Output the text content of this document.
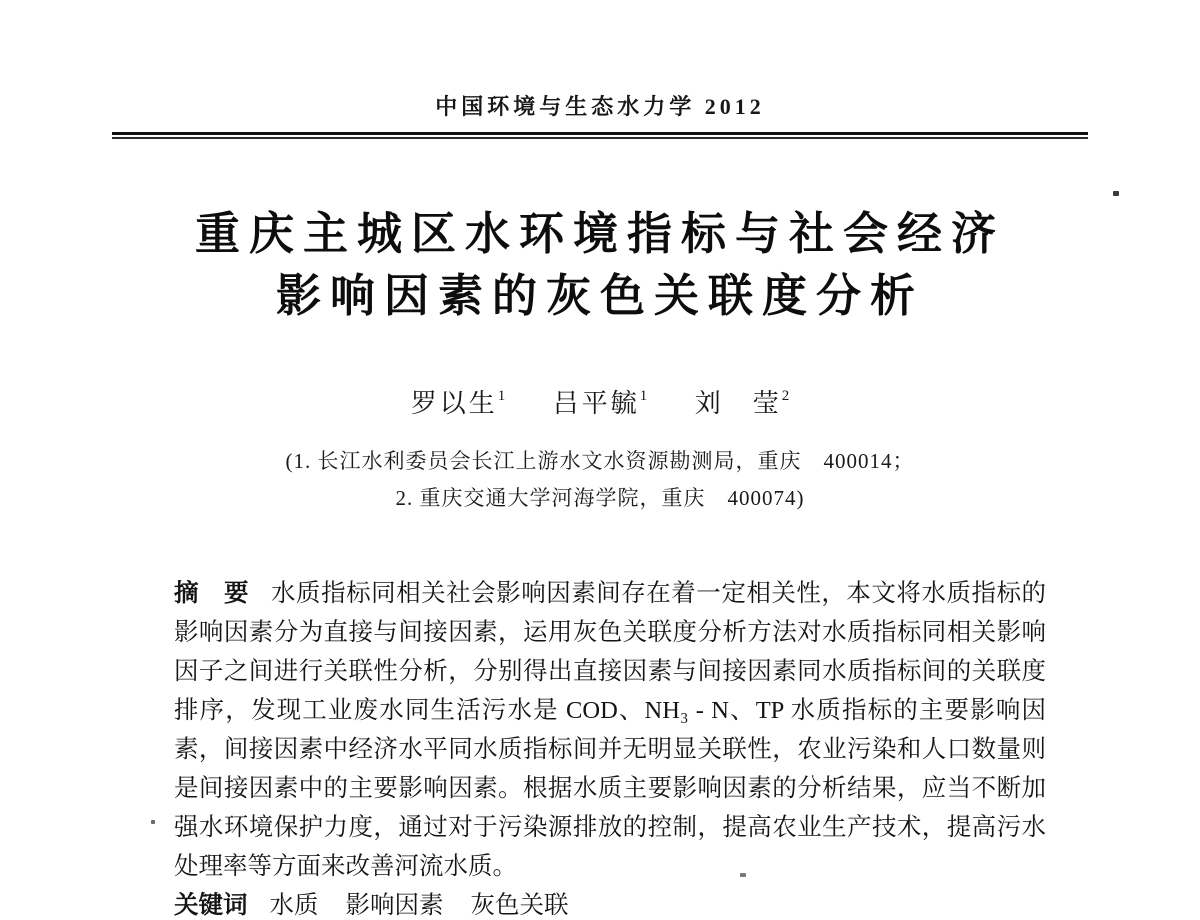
中国环境与生态水力学 2012
重庆主城区水环境指标与社会经济
影响因素的灰色关联度分析
罗以生$^1$ 吕平毓$^1$ 刘　莹$^2$
(1. 长江水利委员会长江上游水文水资源勘测局，重庆　400014；
2. 重庆交通大学河海学院，重庆　400074)
摘　要 水质指标同相关社会影响因素间存在着一定相关性，本文将水质指标的
影响因素分为直接与间接因素，运用灰色关联度分析方法对水质指标同相关影响
因子之间进行关联性分析，分别得出直接因素与间接因素同水质指标间的关联度
排序，发现工业废水同生活污水是 COD、NH₃ - N、TP 水质指标的主要影响因
素，间接因素中经济水平同水质指标间并无明显关联性，农业污染和人口数量则
是间接因素中的主要影响因素。根据水质主要影响因素的分析结果，应当不断加
强水环境保护力度，通过对于污染源排放的控制，提高农业生产技术，提高污水
处理率等方面来改善河流水质。
关键词 水质 影响因素 灰色关联
